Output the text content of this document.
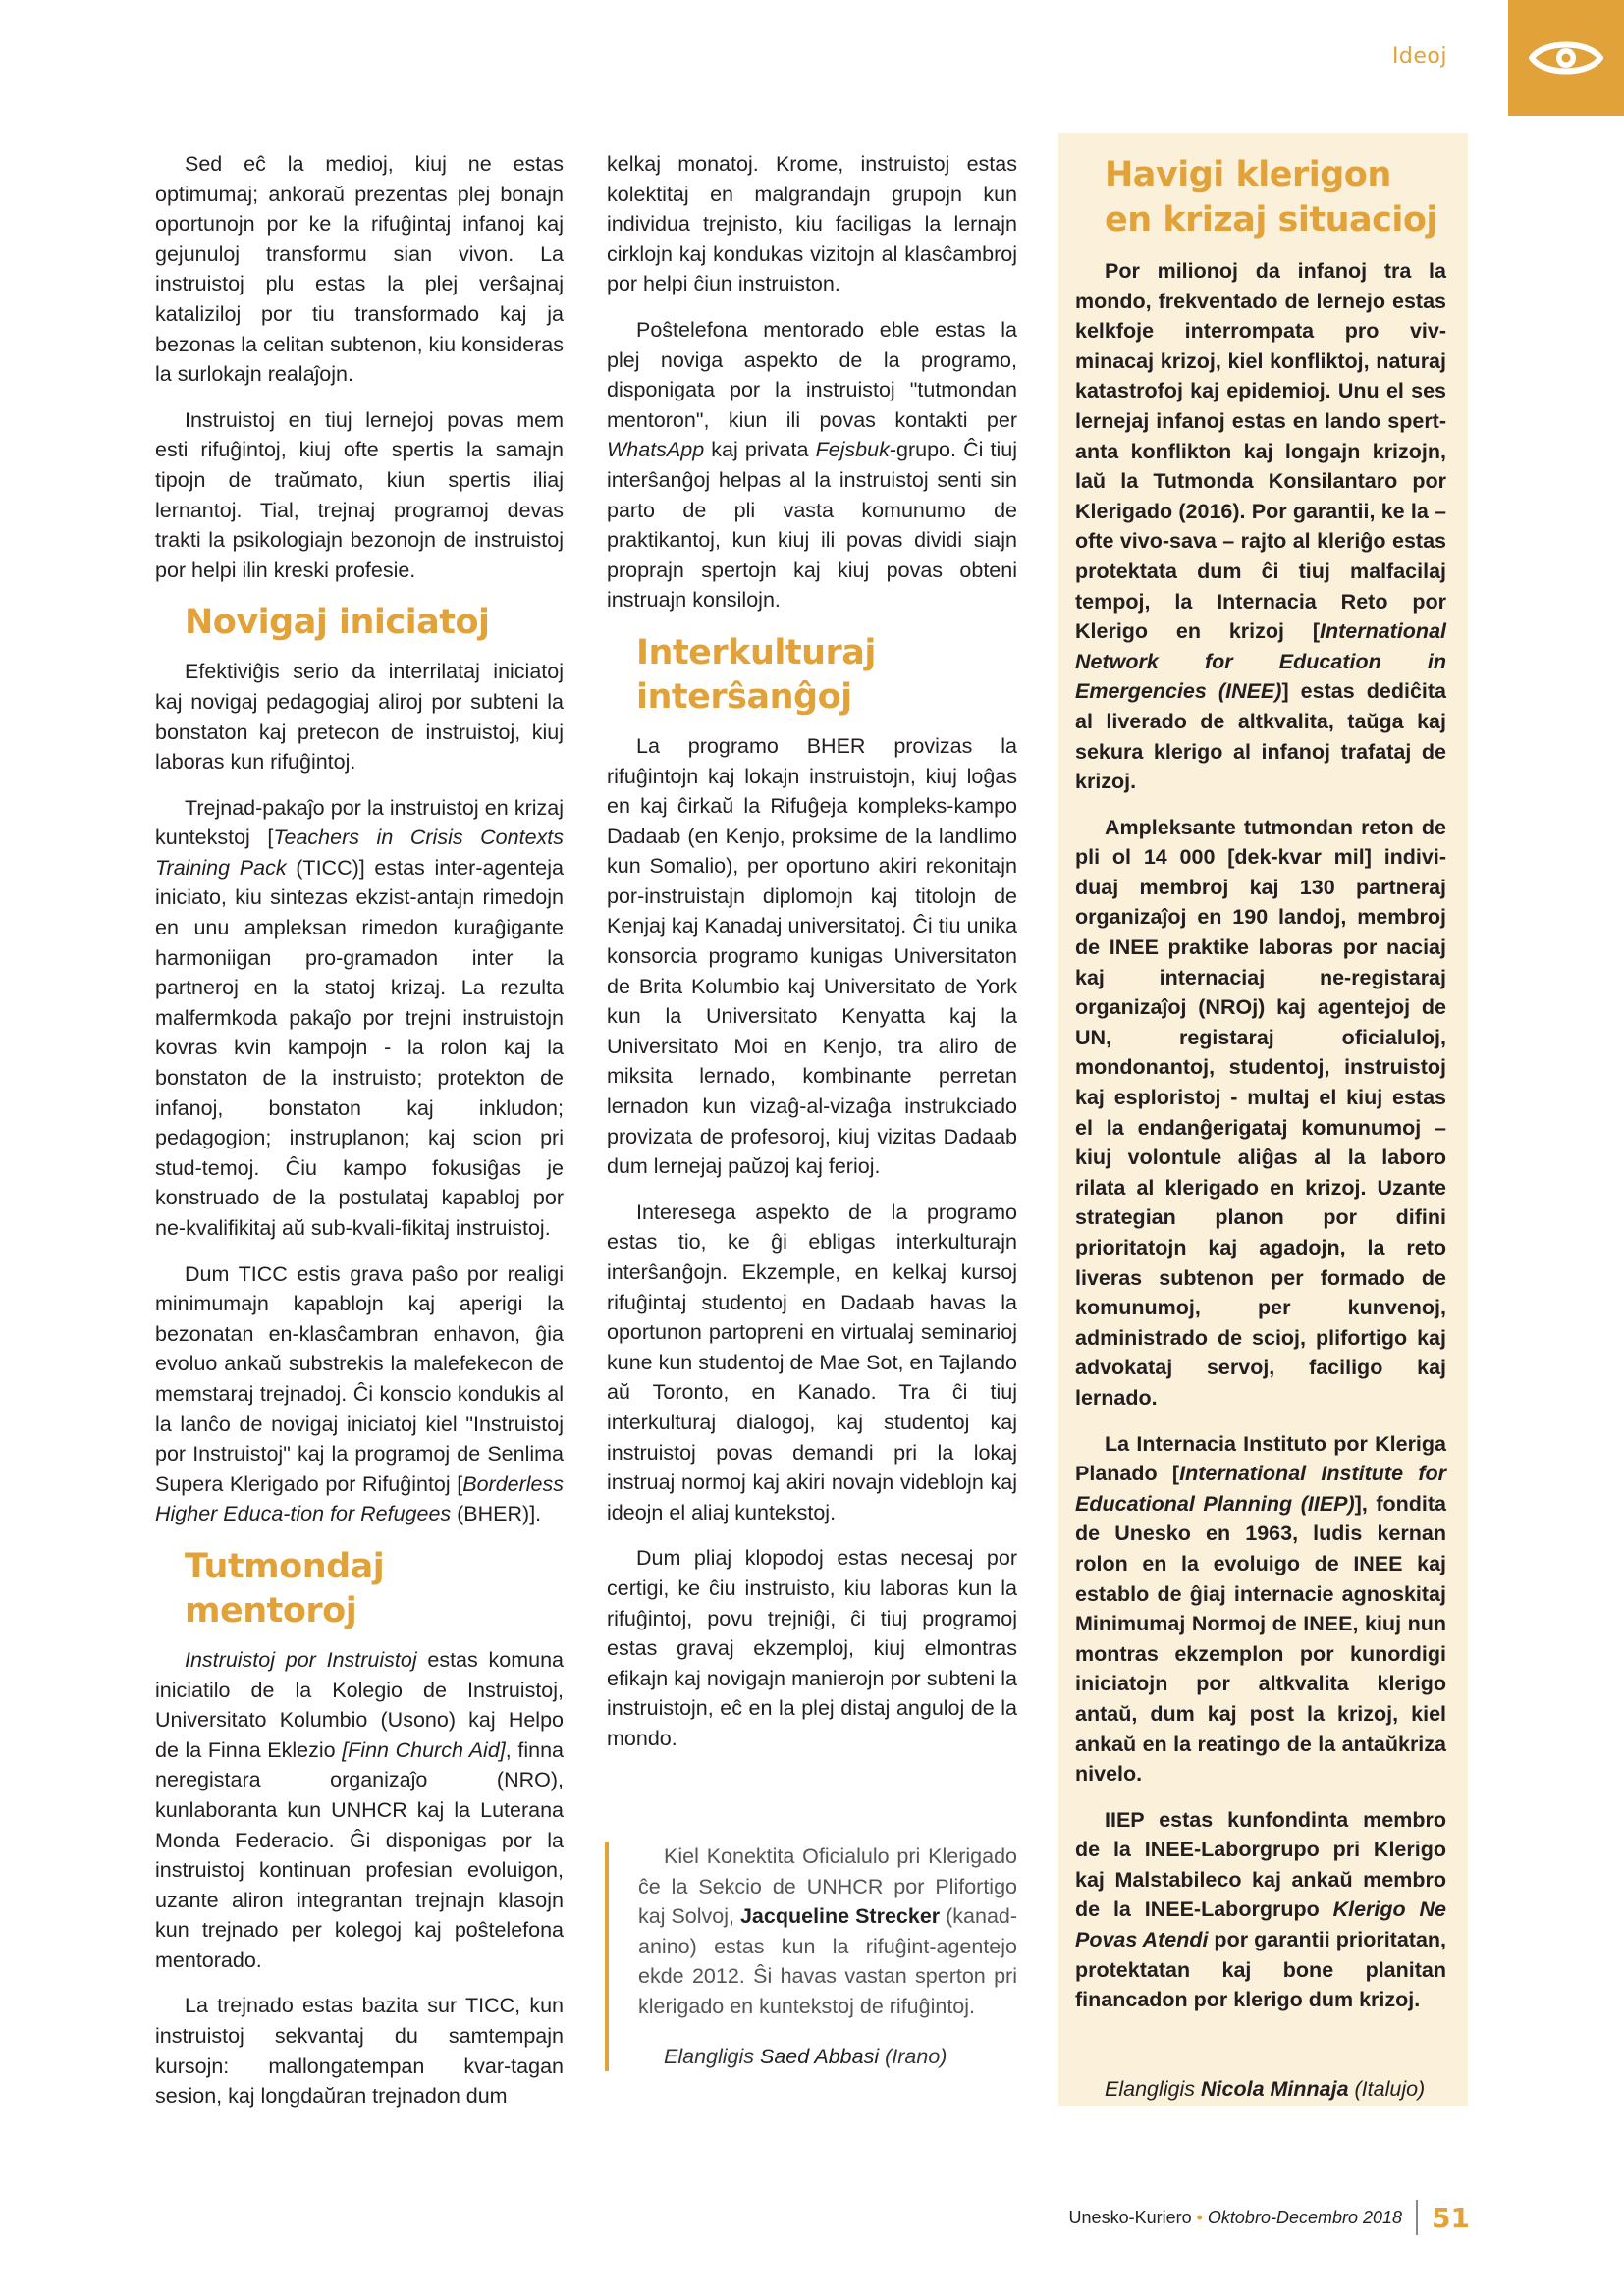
Ideoj

Sed eĉ la medioj, kiuj ne estas optimumaj; ankoraŭ prezentas plej bonajn oportunojn por ke la rifuĝintaj infanoj kaj gejunuloj transformu sian vivon. La instruistoj plu estas la plej verŝajnaj kataliziloj por tiu transformado kaj ja bezonas la celitan subtenon, kiu konsideras la surlokajn realaĵojn.

Instruistoj en tiuj lernejoj povas mem esti rifuĝintoj, kiuj ofte spertis la samajn tipojn de traŭmato, kiun spertis iliaj lernantoj. Tial, trejnaj programoj devas trakti la psikologiajn bezonojn de instruistoj por helpi ilin kreski profesie.

Novigaj iniciatoj

Efektiviĝis serio da interrilataj iniciatoj kaj novigaj pedagogiaj aliroj por subteni la bonstaton kaj pretecon de instruistoj, kiuj laboras kun rifuĝintoj.

Trejnad-pakaĵo por la instruistoj en krizaj kuntekstoj [Teachers in Crisis Contexts Training Pack (TICC)] estas inter-agenteja iniciato, kiu sintezas ekzist-antajn rimedojn en unu ampleksan rimedon kuraĝigante harmoniigan pro-gramadon inter la partneroj en la statoj krizaj. La rezulta malfermkoda pakaĵo por trejni instruistojn kovras kvin kampojn - la rolon kaj la bonstaton de la instruisto; protekton de infanoj, bonstaton kaj inkludon; pedagogion; instruplanon; kaj scion pri stud-temoj. Ĉiu kampo fokusiĝas je konstruado de la postulataj kapabloj por ne-kvalifikitaj aŭ sub-kvali-fikitaj instruistoj.

Dum TICC estis grava paŝo por realigi minimumajn kapablojn kaj aperigi la bezonatan en-klasĉambran enhavon, ĝia evoluo ankaŭ substrekis la malefekecon de memstaraj trejnadoj. Ĉi konscio kondukis al la lanĉo de novigaj iniciatoj kiel "Instruistoj por Instruistoj" kaj la programoj de Senlima Supera Klerigado por Rifuĝintoj [Borderless Higher Educa-tion for Refugees (BHER)].

Tutmondaj mentoroj

Instruistoj por Instruistoj estas komuna iniciatilo de la Kolegio de Instruistoj, Universitato Kolumbio (Usono) kaj Helpo de la Finna Eklezio [Finn Church Aid], finna neregistara organizaĵo (NRO), kunlaboranta kun UNHCR kaj la Luterana Monda Federacio. Ĝi disponigas por la instruistoj kontinuan profesian evoluigon, uzante aliron integrantan trejnajn klasojn kun trejnado per kolegoj kaj poŝtelefona mentorado.

La trejnado estas bazita sur TICC, kun instruistoj sekvantaj du samtempajn kursojn: mallongatempan kvar-tagan sesion, kaj longdaŭran trejnadon dum

kelkaj monatoj. Krome, instruistoj estas kolektitaj en malgrandajn grupojn kun individua trejnisto, kiu faciligas la lernajn cirklojn kaj kondukas vizitojn al klasĉambroj por helpi ĉiun instruiston.

Poŝtelefona mentorado eble estas la plej noviga aspekto de la programo, disponigata por la instruistoj "tutmondan mentoron", kiun ili povas kontakti per WhatsApp kaj privata Fejsbuk-grupo. Ĉi tiuj interŝanĝoj helpas al la instruistoj senti sin parto de pli vasta komunumo de praktikantoj, kun kiuj ili povas dividi siajn proprajn spertojn kaj kiuj povas obteni instruajn konsilojn.

Interkulturaj interŝanĝoj

La programo BHER provizas la rifuĝintojn kaj lokajn instruistojn, kiuj loĝas en kaj ĉirkaŭ la Rifuĝeja kompleks-kampo Dadaab (en Kenjo, proksime de la landlimo kun Somalio), per oportuno akiri rekonitajn por-instruistajn diplomojn kaj titolojn de Kenjaj kaj Kanadaj universitatoj. Ĉi tiu unika konsorcia programo kunigas Universitaton de Brita Kolumbio kaj Universitato de York kun la Universitato Kenyatta kaj la Universitato Moi en Kenjo, tra aliro de miksita lernado, kombinante perretan lernadon kun vizaĝ-al-vizaĝa instrukciado provizata de profesoroj, kiuj vizitas Dadaab dum lernejaj paŭzoj kaj ferioj.

Interesega aspekto de la programo estas tio, ke ĝi ebligas interkulturajn interŝanĝojn. Ekzemple, en kelkaj kursoj rifuĝintaj studentoj en Dadaab havas la oportunon partopreni en virtualaj seminarioj kune kun studentoj de Mae Sot, en Tajlando aŭ Toronto, en Kanado. Tra ĉi tiuj interkulturaj dialogoj, kaj studentoj kaj instruistoj povas demandi pri la lokaj instruaj normoj kaj akiri novajn videblojn kaj ideojn el aliaj kuntekstoj.

Dum pliaj klopodoj estas necesaj por certigi, ke ĉiu instruisto, kiu laboras kun la rifuĝintoj, povu trejniĝi, ĉi tiuj programoj estas gravaj ekzemploj, kiuj elmontras efikajn kaj novigajn manierojn por subteni la instruistojn, eĉ en la plej distaj anguloj de la mondo.

Kiel Konektita Oficialulo pri Klerigado ĉe la Sekcio de UNHCR por Plifortigo kaj Solvoj, Jacqueline Strecker (kanad-anino) estas kun la rifuĝint-agentejo ekde 2012. Ŝi havas vastan sperton pri klerigado en kuntekstoj de rifuĝintoj.

Elangligis Saed Abbasi (Irano)

Havigi klerigon en krizaj situacioj

Por milionoj da infanoj tra la mondo, frekventado de lernejo estas kelkfoje interrompata pro viv-minacaj krizoj, kiel konfliktoj, naturaj katastrofoj kaj epidemioj. Unu el ses lernejaj infanoj estas en lando spert-anta konflikton kaj longajn krizojn, laŭ la Tutmonda Konsilantaro por Klerigado (2016). Por garantii, ke la – ofte vivo-sava – rajto al kleriĝo estas protektata dum ĉi tiuj malfacilaj tempoj, la Internacia Reto por Klerigo en krizoj [International Network for Education in Emergencies (INEE)] estas dediĉita al liverado de altkvalita, taŭga kaj sekura klerigo al infanoj trafataj de krizoj.

Ampleksante tutmondan reton de pli ol 14 000 [dek-kvar mil] indivi-duaj membroj kaj 130 partneraj organizaĵoj en 190 landoj, membroj de INEE praktike laboras por naciaj kaj internaciaj ne-registaraj organizaĵoj (NROj) kaj agentejoj de UN, registaraj oficialuloj, mondonantoj, studentoj, instruistoj kaj esploristoj - multaj el kiuj estas el la endanĝerigataj komunumoj – kiuj volontule aliĝas al la laboro rilata al klerigado en krizoj. Uzante strategian planon por difini prioritatojn kaj agadojn, la reto liveras subtenon per formado de komunumoj, per kunvenoj, administrado de scioj, plifortigo kaj advokataj servoj, faciligo kaj lernado.

La Internacia Instituto por Kleriga Planado [International Institute for Educational Planning (IIEP)], fondita de Unesko en 1963, ludis kernan rolon en la evoluigo de INEE kaj establo de ĝiaj internacie agnoskitaj Minimumaj Normoj de INEE, kiuj nun montras ekzemplon por kunordigi iniciatojn por altkvalita klerigo antaŭ, dum kaj post la krizoj, kiel ankaŭ en la reatingo de la antaŭkriza nivelo.

IIEP estas kunfondinta membro de la INEE-Laborgrupo pri Klerigo kaj Malstabileco kaj ankaŭ membro de la INEE-Laborgrupo Klerigo Ne Povas Atendi por garantii prioritatan, protektatan kaj bone planitan financadon por klerigo dum krizoj.

Elangligis Nicola Minnaja (Italujo)

Unesko-Kuriero • Oktobro-Decembro 2018 51
